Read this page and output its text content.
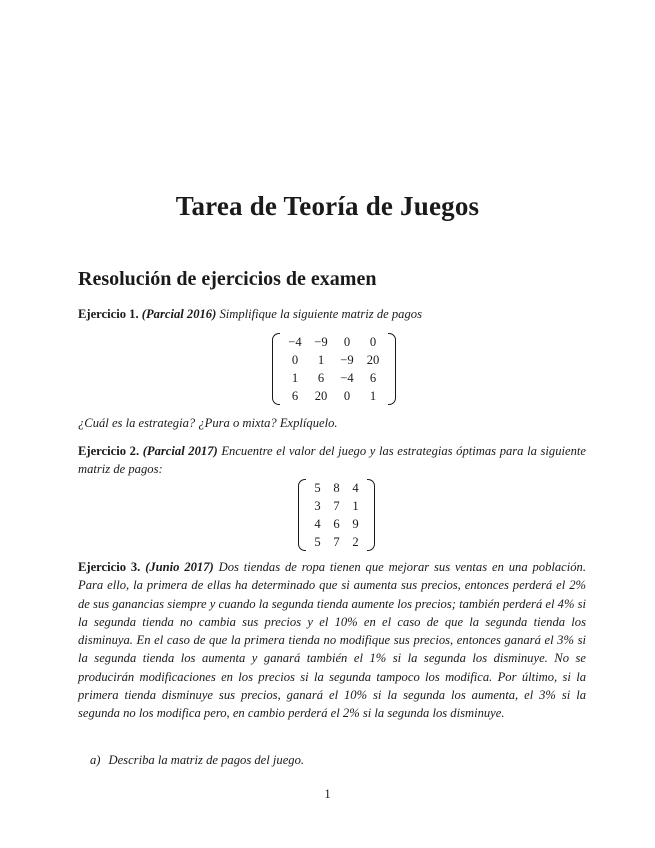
Tarea de Teoría de Juegos
Resolución de ejercicios de examen
Ejercicio 1. (Parcial 2016) Simplifique la siguiente matriz de pagos
−4	−9	0	0
0	1	−9	20
1	6	−4	6
6	20	0	1
¿Cuál es la estrategia? ¿Pura o mixta? Explíquelo.
Ejercicio 2. (Parcial 2017) Encuentre el valor del juego y las estrategias óptimas para la siguiente matriz de pagos:
5	8	4
3	7	1
4	6	9
5	7	2
Ejercicio 3. (Junio 2017) Dos tiendas de ropa tienen que mejorar sus ventas en una población. Para ello, la primera de ellas ha determinado que si aumenta sus precios, entonces perderá el 2% de sus ganancias siempre y cuando la segunda tienda aumente los precios; también perderá el 4% si la segunda tienda no cambia sus precios y el 10% en el caso de que la segunda tienda los disminuya. En el caso de que la primera tienda no modifique sus precios, entonces ganará el 3% si la segunda tienda los aumenta y ganará también el 1% si la segunda los disminuye. No se producirán modificaciones en los precios si la segunda tampoco los modifica. Por último, si la primera tienda disminuye sus precios, ganará el 10% si la segunda los aumenta, el 3% si la segunda no los modifica pero, en cambio perderá el 2% si la segunda los disminuye.
a) Describa la matriz de pagos del juego.
1
